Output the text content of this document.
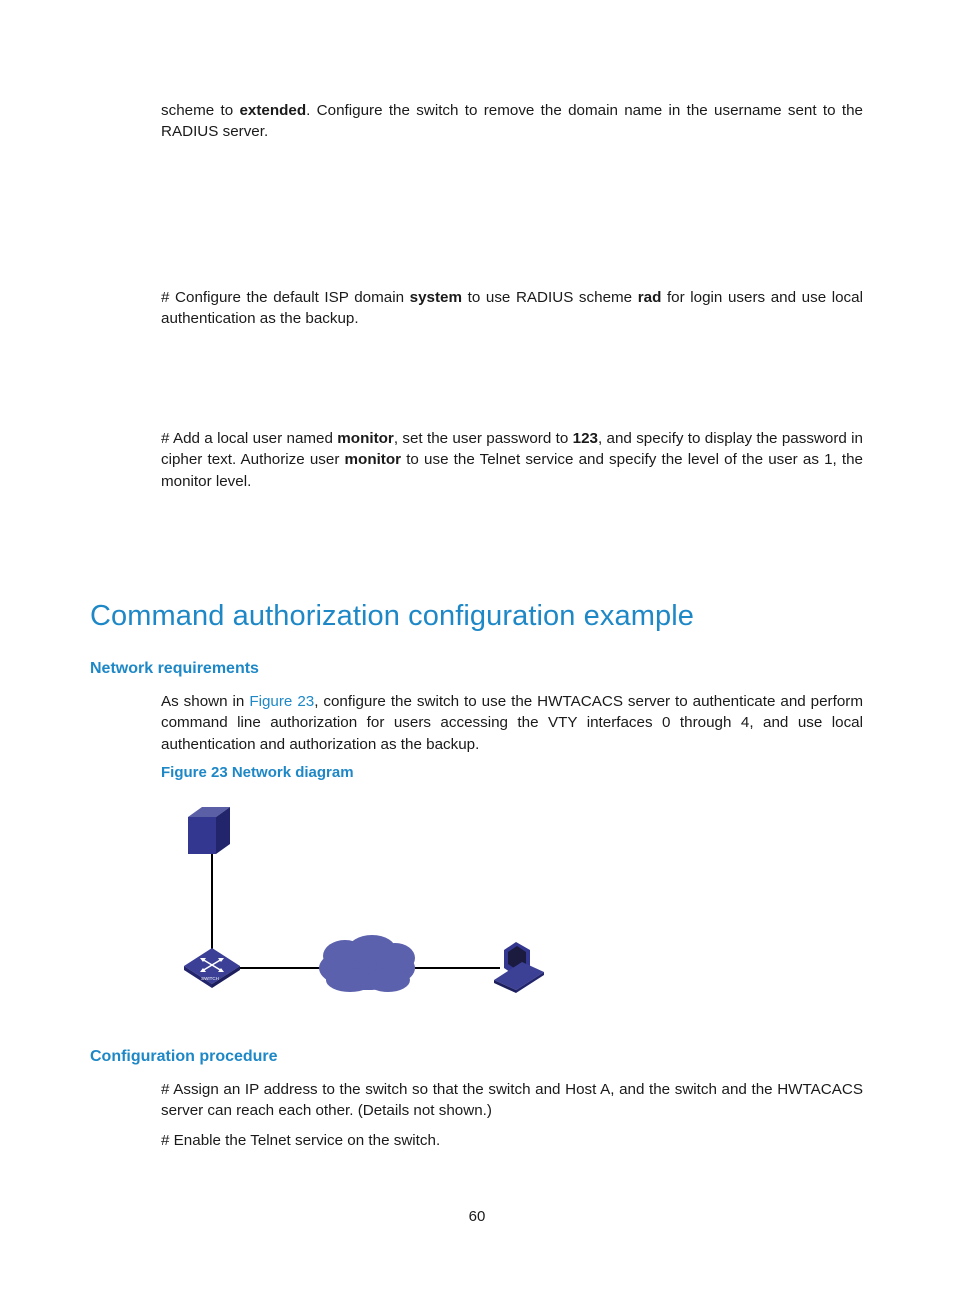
scheme to extended. Configure the switch to remove the domain name in the username sent to the RADIUS server.

# Configure the default ISP domain system to use RADIUS scheme rad for login users and use local authentication as the backup.

# Add a local user named monitor, set the user password to 123, and specify to display the password in cipher text. Authorize user monitor to use the Telnet service and specify the level of the user as 1, the monitor level.

Command authorization configuration example
Network requirements

As shown in Figure 23, configure the switch to use the HWTACACS server to authenticate and perform command line authorization for users accessing the VTY interfaces 0 through 4, and use local authentication and authorization as the backup.

Figure 23 Network diagram
SWITCH
Configuration procedure

# Assign an IP address to the switch so that the switch and Host A, and the switch and the HWTACACS server can reach each other. (Details not shown.)

# Enable the Telnet service on the switch.

60
